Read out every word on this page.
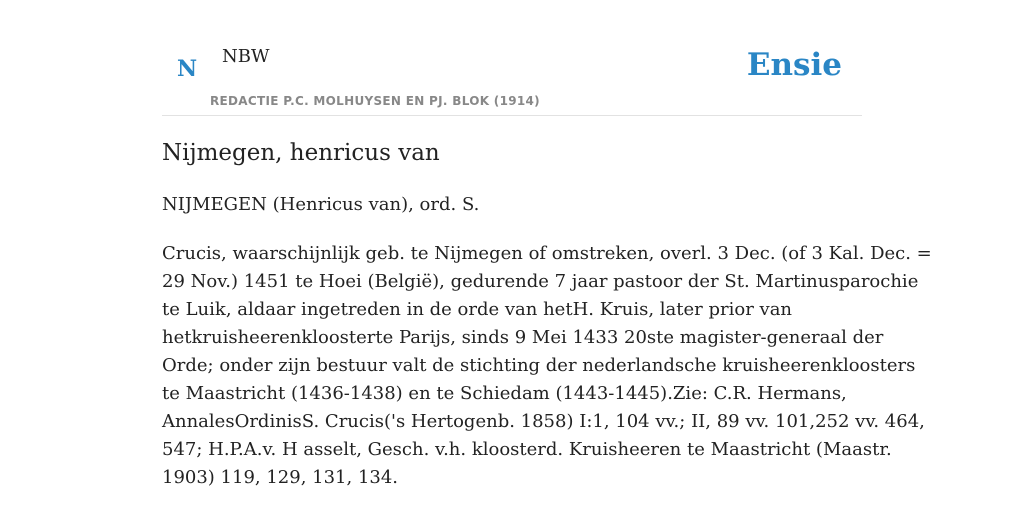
N NBW
REDACTIE P.C. MOLHUYSEN EN PJ. BLOK (1914)
Ensie
Nijmegen, henricus van

NIJMEGEN (Henricus van), ord. S.

Crucis, waarschijnlijk geb. te Nijmegen of omstreken, overl. 3 Dec. (of 3 Kal. Dec. =
29 Nov.) 1451 te Hoei (België), gedurende 7 jaar pastoor der St. Martinusparochie
te Luik, aldaar ingetreden in de orde van hetH. Kruis, later prior van
hetkruisheerenkloosterte Parijs, sinds 9 Mei 1433 20ste magister-generaal der
Orde; onder zijn bestuur valt de stichting der nederlandsche kruisheerenkloosters
te Maastricht (1436-1438) en te Schiedam (1443-1445).Zie: C.R. Hermans,
AnnalesOrdinisS. Crucis('s Hertogenb. 1858) I:1, 104 vv.; II, 89 vv. 101,252 vv. 464,
547; H.P.A.v. H asselt, Gesch. v.h. kloosterd. Kruisheeren te Maastricht (Maastr.
1903) 119, 129, 131, 134.
